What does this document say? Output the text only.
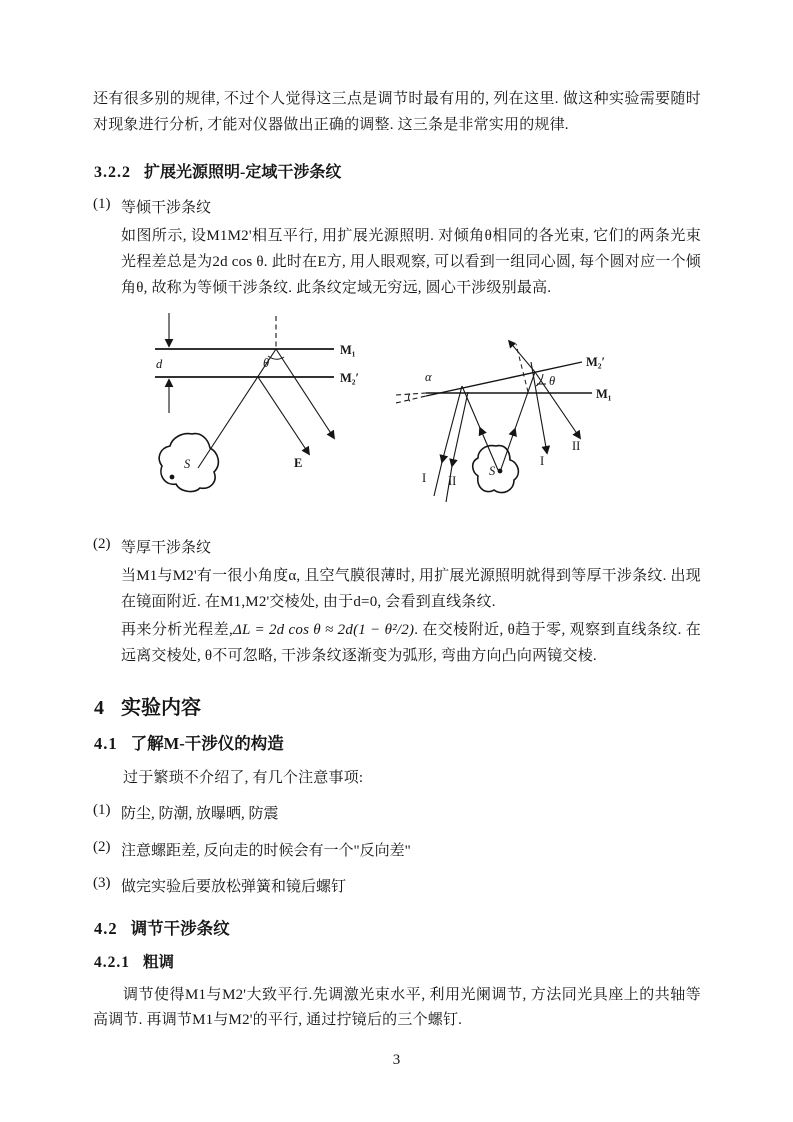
还有很多别的规律, 不过个人觉得这三点是调节时最有用的, 列在这里. 做这种实验需要随时对现象进行分析, 才能对仪器做出正确的调整. 这三条是非常实用的规律.
3.2.2 扩展光源照明-定域干涉条纹
(1) 等倾干涉条纹
如图所示, 设M1M2'相互平行, 用扩展光源照明. 对倾角θ相同的各光束, 它们的两条光束光程差总是为2d cos θ. 此时在E方, 用人眼观察, 可以看到一组同心圆, 每个圆对应一个倾角θ, 故称为等倾干涉条纹. 此条纹定域无穷远, 圆心干涉级别最高.
M₁
M₂′
d	θ
S	E
M₁
M₂′
α	θ
S
I II
I
II
(2) 等厚干涉条纹
当M1与M2'有一很小角度α, 且空气膜很薄时, 用扩展光源照明就得到等厚干涉条纹. 出现在镜面附近. 在M1,M2'交棱处, 由于d=0, 会看到直线条纹.
再来分析光程差,ΔL = 2d cos θ ≈ 2d(1 − θ²/2). 在交棱附近, θ趋于零, 观察到直线条纹. 在远离交棱处, θ不可忽略, 干涉条纹逐渐变为弧形, 弯曲方向凸向两镜交棱.
4 实验内容
4.1 了解M-干涉仪的构造
过于繁琐不介绍了, 有几个注意事项:
(1) 防尘, 防潮, 放曝晒, 防震
(2) 注意螺距差, 反向走的时候会有一个"反向差"
(3) 做完实验后要放松弹簧和镜后螺钉
4.2 调节干涉条纹
4.2.1 粗调
调节使得M1与M2'大致平行.先调激光束水平, 利用光阑调节, 方法同光具座上的共轴等高调节. 再调节M1与M2'的平行, 通过拧镜后的三个螺钉.
3
